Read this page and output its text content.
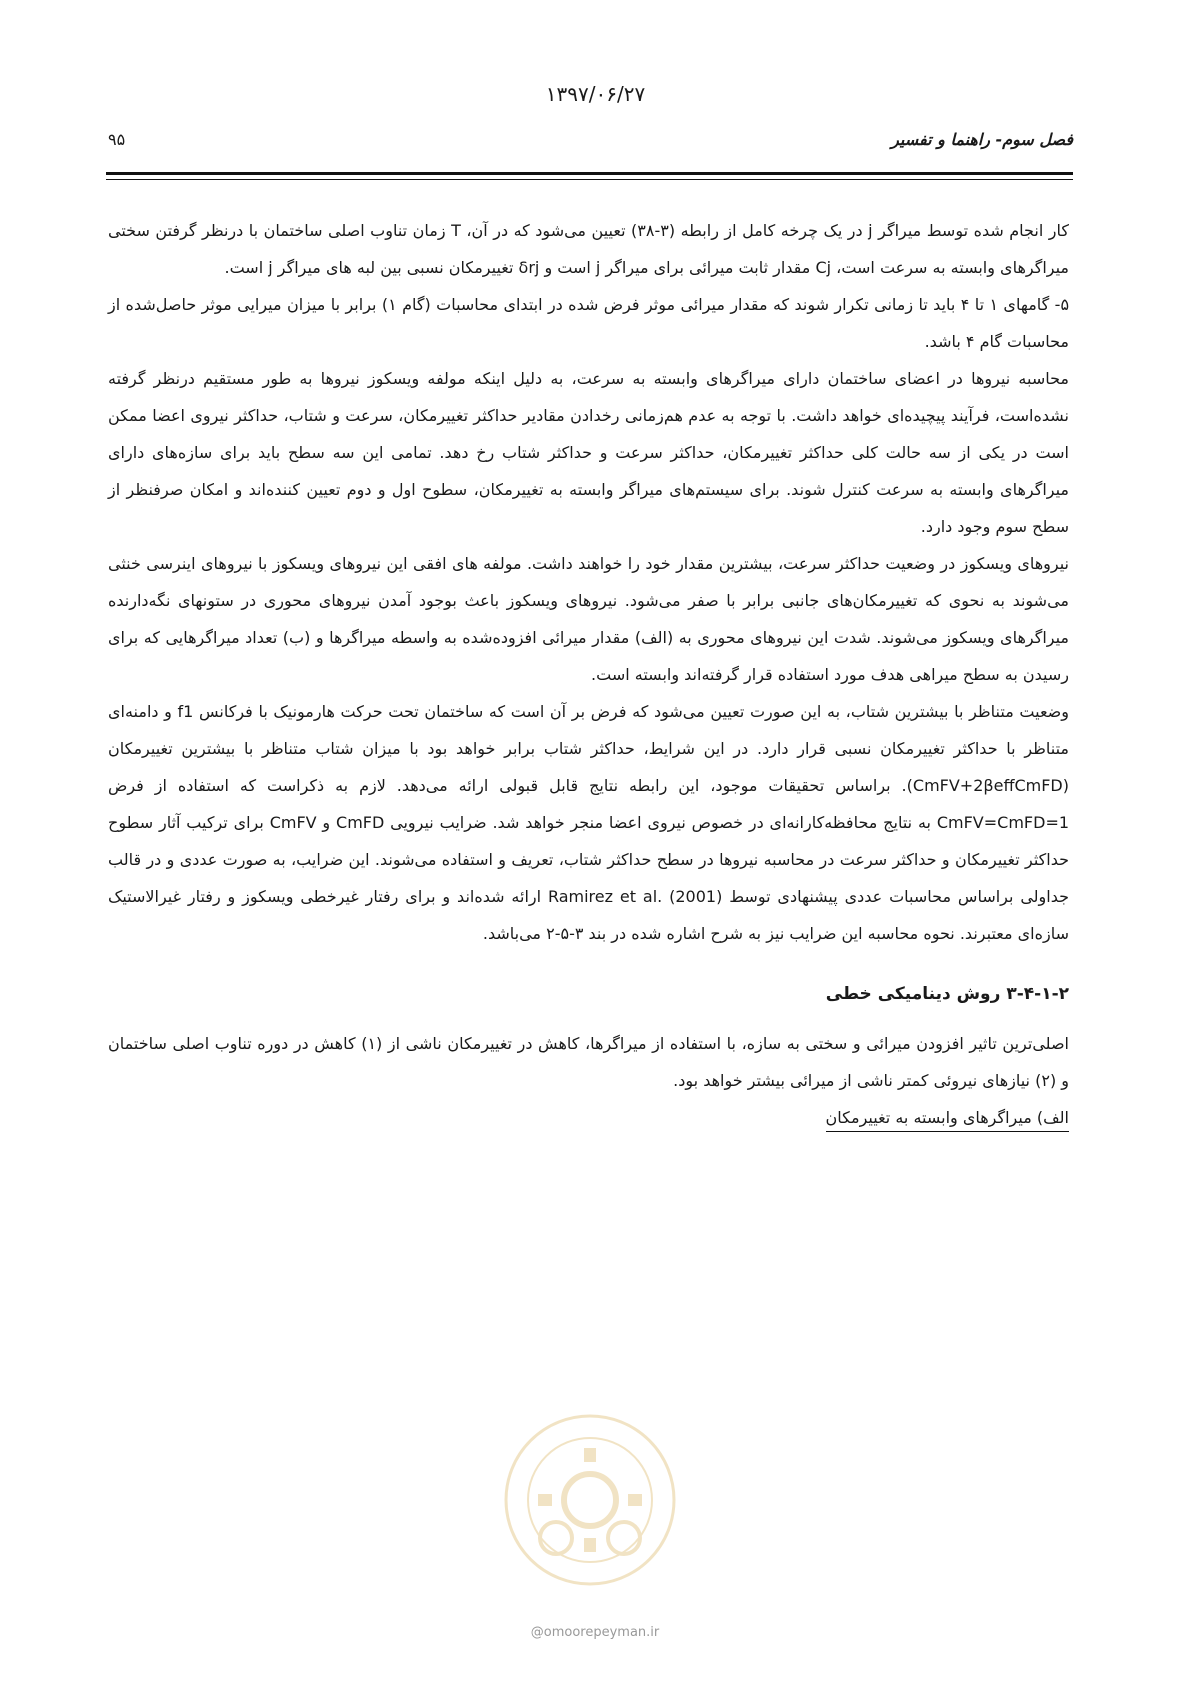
۱۳۹۷/۰۶/۲۷
فصل سوم- راهنما و تفسیر
۹۵

کار انجام شده توسط میراگر j در یک چرخه کامل از رابطه (۳-۳۸) تعیین می‌شود که در آن، T زمان تناوب اصلی ساختمان با درنظر گرفتن سختی میراگرهای وابسته به سرعت است، Cj مقدار ثابت میرائی برای میراگر j است و δrj تغییرمکان نسبی بین لبه های میراگر j است.

۵- گامهای ۱ تا ۴ باید تا زمانی تکرار شوند که مقدار میرائی موثر فرض شده در ابتدای محاسبات (گام ۱) برابر با میزان میرایی موثر حاصل‌شده از محاسبات گام ۴ باشد.

محاسبه نیروها در اعضای ساختمان دارای میراگرهای وابسته به سرعت، به دلیل اینکه مولفه ویسکوز نیروها به طور مستقیم درنظر گرفته نشده‌است، فرآیند پیچیده‌ای خواهد داشت. با توجه به عدم هم‌زمانی رخدادن مقادیر حداکثر تغییرمکان، سرعت و شتاب، حداکثر نیروی اعضا ممکن است در یکی از سه حالت کلی حداکثر تغییرمکان، حداکثر سرعت و حداکثر شتاب رخ دهد. تمامی این سه سطح باید برای سازه‌های دارای میراگرهای وابسته به سرعت کنترل شوند. برای سیستم‌های میراگر وابسته به تغییرمکان، سطوح اول و دوم تعیین کننده‌اند و امکان صرفنظر از سطح سوم وجود دارد.

نیروهای ویسکوز در وضعیت حداکثر سرعت، بیشترین مقدار خود را خواهند داشت. مولفه های افقی این نیروهای ویسکوز با نیروهای اینرسی خنثی می‌شوند به نحوی که تغییرمکان‌های جانبی برابر با صفر می‌شود. نیروهای ویسکوز باعث بوجود آمدن نیروهای محوری در ستونهای نگه‌دارنده میراگرهای ویسکوز می‌شوند. شدت این نیروهای محوری به (الف) مقدار میرائی افزوده‌شده به واسطه میراگرها و (ب) تعداد میراگرهایی که برای رسیدن به سطح میراهی هدف مورد استفاده قرار گرفته‌اند وابسته است.

وضعیت متناظر با بیشترین شتاب، به این صورت تعیین می‌شود که فرض بر آن است که ساختمان تحت حرکت هارمونیک با فرکانس f1 و دامنه‌ای متناظر با حداکثر تغییرمکان نسبی قرار دارد. در این شرایط، حداکثر شتاب برابر خواهد بود با میزان شتاب متناظر با بیشترین تغییرمکان (CmFV+2βeffCmFD). براساس تحقیقات موجود، این رابطه نتایج قابل قبولی ارائه می‌دهد. لازم به ذکراست که استفاده از فرض CmFV=CmFD=1 به نتایج محافظه‌کارانه‌ای در خصوص نیروی اعضا منجر خواهد شد. ضرایب نیرویی CmFD و CmFV برای ترکیب آثار سطوح حداکثر تغییرمکان و حداکثر سرعت در محاسبه نیروها در سطح حداکثر شتاب، تعریف و استفاده می‌شوند. این ضرایب، به صورت عددی و در قالب جداولی براساس محاسبات عددی پیشنهادی توسط Ramirez et al. (2001) ارائه شده‌اند و برای رفتار غیرخطی ویسکوز و رفتار غیرالاستیک سازه‌ای معتبرند. نحوه محاسبه این ضرایب نیز به شرح اشاره شده در بند ۳-۵-۲ می‌باشد.

۳-۴-۱-۲ روش دینامیکی خطی

اصلی‌ترین تاثیر افزودن میرائی و سختی به سازه، با استفاده از میراگرها، کاهش در تغییرمکان ناشی از (۱) کاهش در دوره تناوب اصلی ساختمان و (۲) نیازهای نیروئی کمتر ناشی از میرائی بیشتر خواهد بود.

الف) میراگرهای وابسته به تغییرمکان

@omoorepeyman.ir
